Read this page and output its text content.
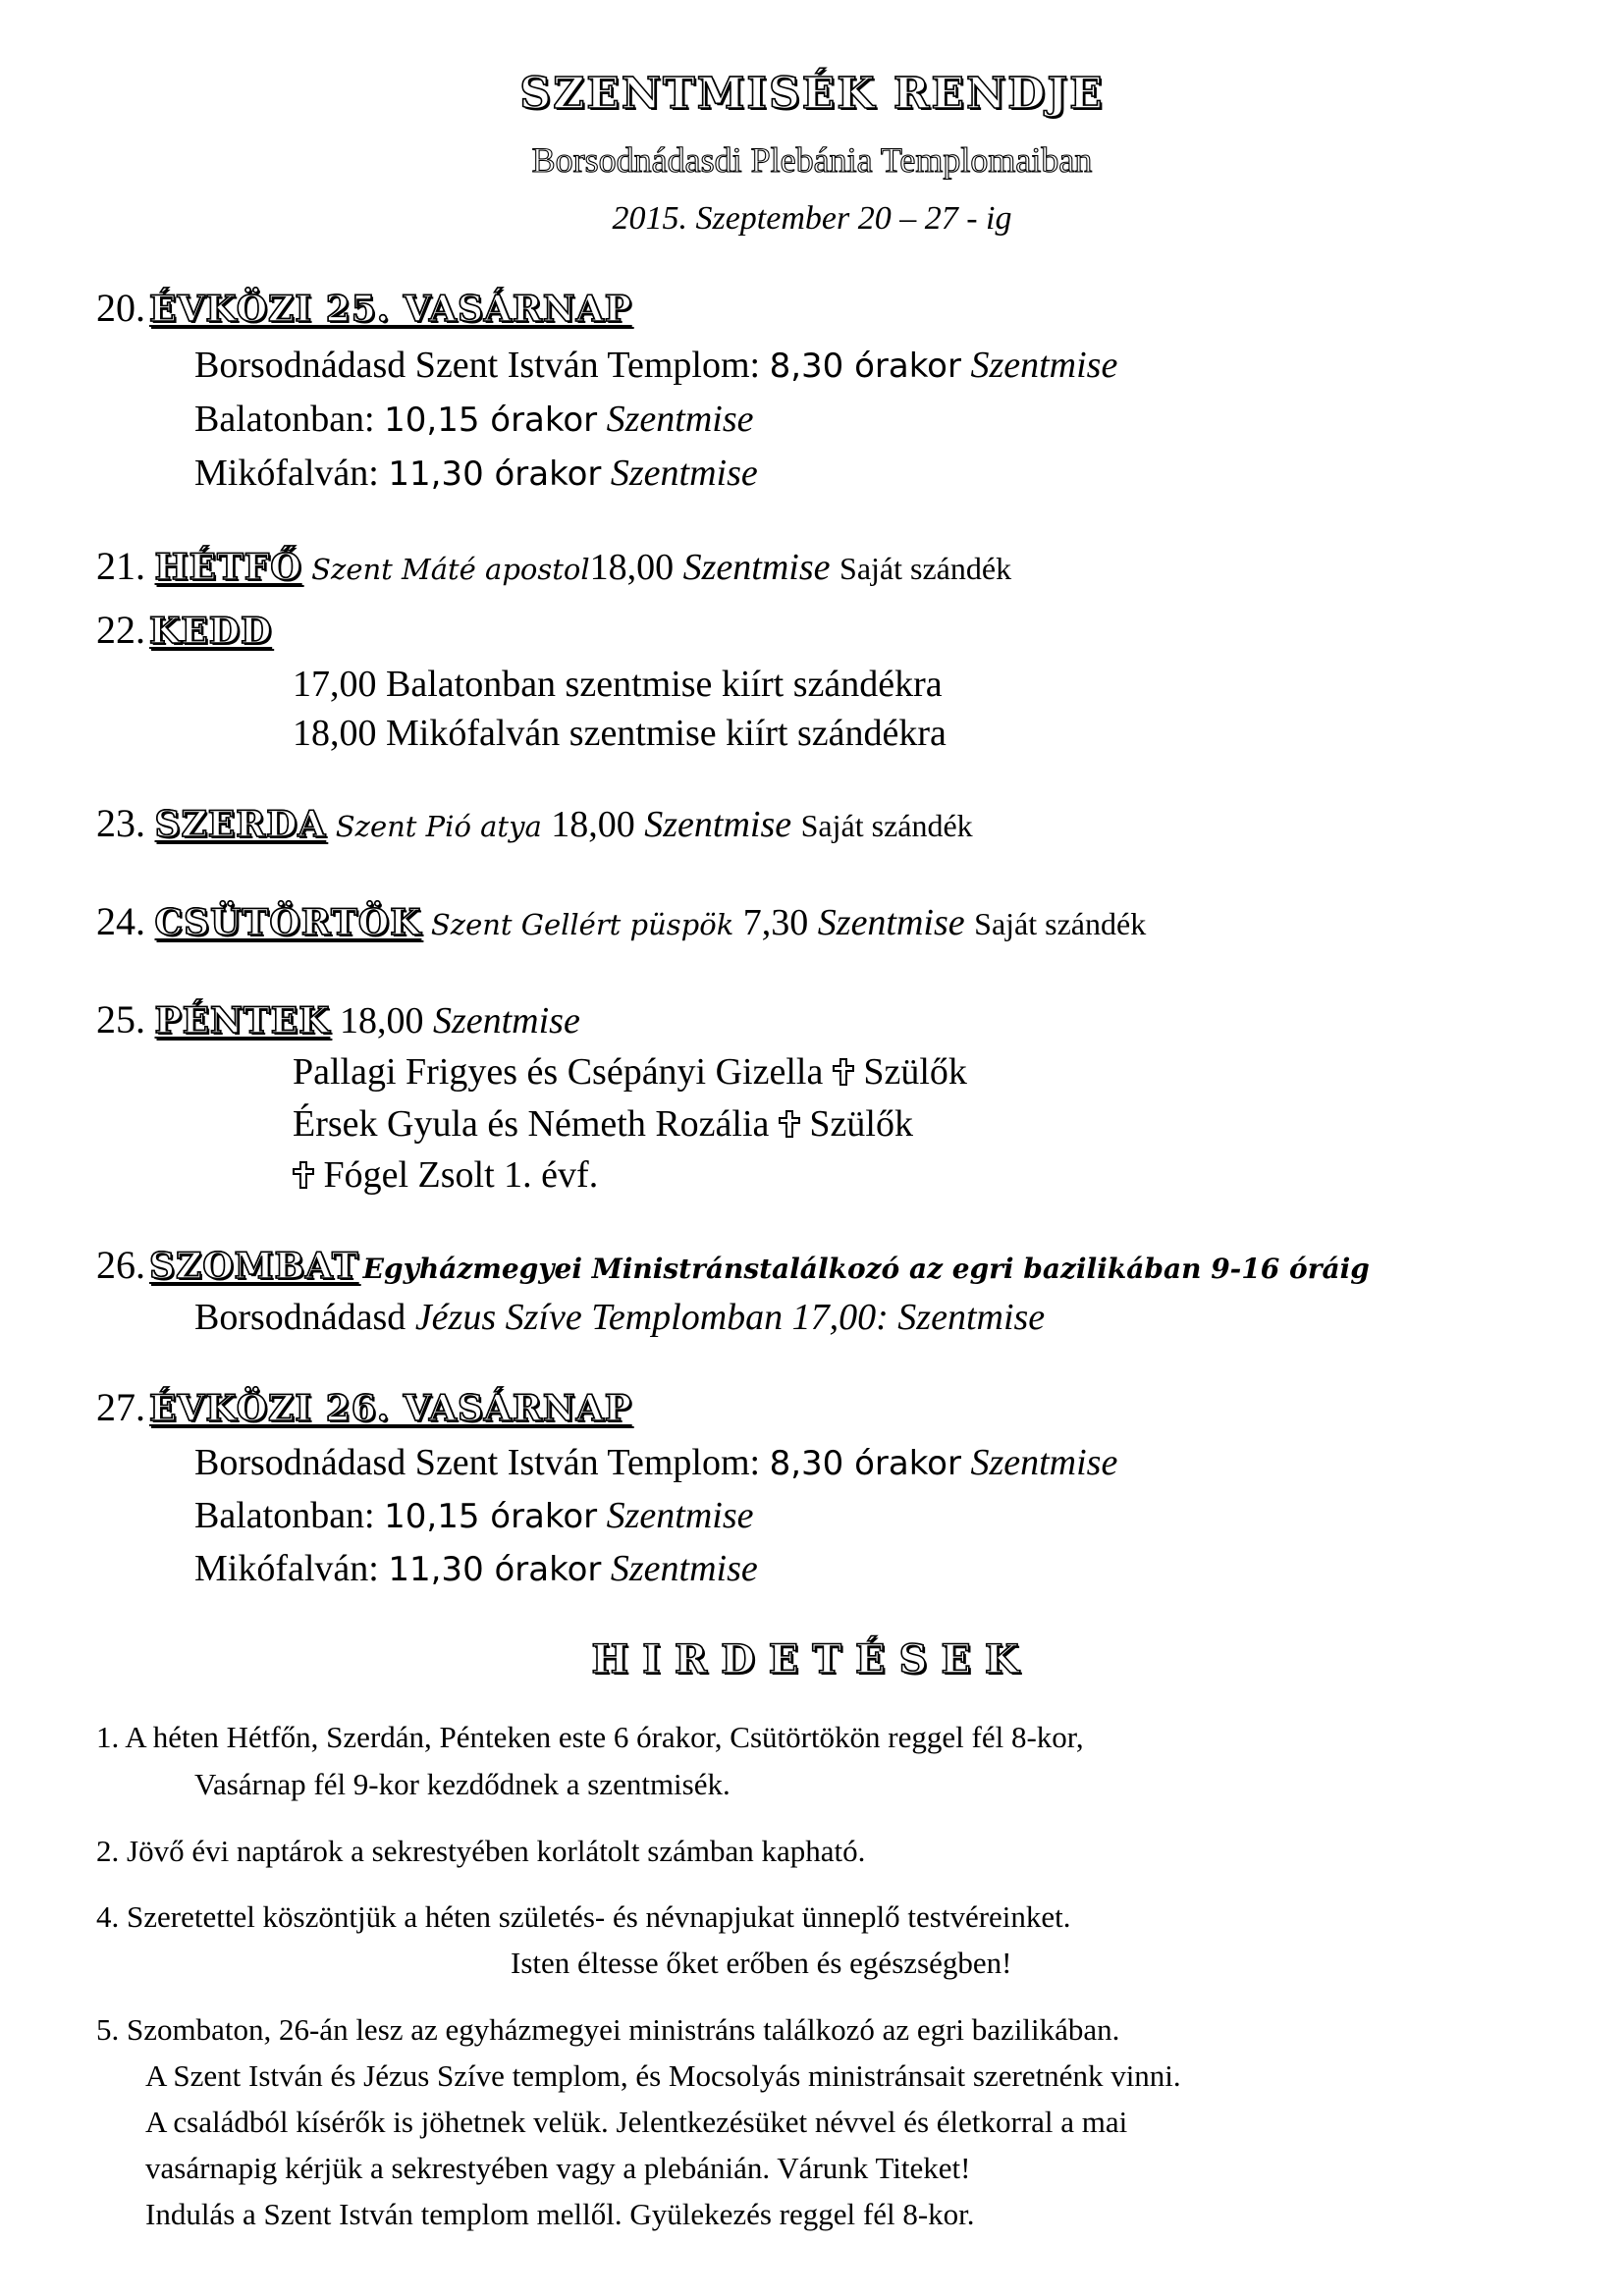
SZENTMISÉK RENDJE
Borsodnádasdi Plebánia Templomaiban
2015. Szeptember 20 – 27 - ig
20. ÉVKÖZI 25. VASÁRNAP
Borsodnádasd Szent István Templom: 8,30 órakor Szentmise
Balatonban: 10,15 órakor Szentmise
Mikófalván: 11,30 órakor Szentmise
21. HÉTFŐ Szent Máté apostol18,00 Szentmise Saját szándék
22. KEDD
17,00 Balatonban szentmise kiírt szándékra
18,00 Mikófalván szentmise kiírt szándékra
23. SZERDA Szent Pió atya 18,00 Szentmise Saját szándék
24. CSÜTÖRTÖK Szent Gellért püspök 7,30 Szentmise Saját szándék
25. PÉNTEK 18,00 Szentmise
Pallagi Frigyes és Csépányi Gizella Szülők
Érsek Gyula és Németh Rozália Szülők
Fógel Zsolt 1. évf.
26. SZOMBAT Egyházmegyei Ministránstalálkozó az egri bazilikában 9-16 óráig
Borsodnádasd Jézus Szíve Templomban 17,00: Szentmise
27. ÉVKÖZI 26. VASÁRNAP
Borsodnádasd Szent István Templom: 8,30 órakor Szentmise
Balatonban: 10,15 órakor Szentmise
Mikófalván: 11,30 órakor Szentmise
HIRDETÉSEK
1. A héten Hétfőn, Szerdán, Pénteken este 6 órakor, Csütörtökön reggel fél 8-kor,
Vasárnap fél 9-kor kezdődnek a szentmisék.
2. Jövő évi naptárok a sekrestyében korlátolt számban kapható.
4. Szeretettel köszöntjük a héten születés- és névnapjukat ünneplő testvéreinket.
Isten éltesse őket erőben és egészségben!
5. Szombaton, 26-án lesz az egyházmegyei ministráns találkozó az egri bazilikában.
A Szent István és Jézus Szíve templom, és Mocsolyás ministránsait szeretnénk vinni.
A családból kísérők is jöhetnek velük. Jelentkezésüket névvel és életkorral a mai
vasárnapig kérjük a sekrestyében vagy a plebánián. Várunk Titeket!
Indulás a Szent István templom mellől. Gyülekezés reggel fél 8-kor.
